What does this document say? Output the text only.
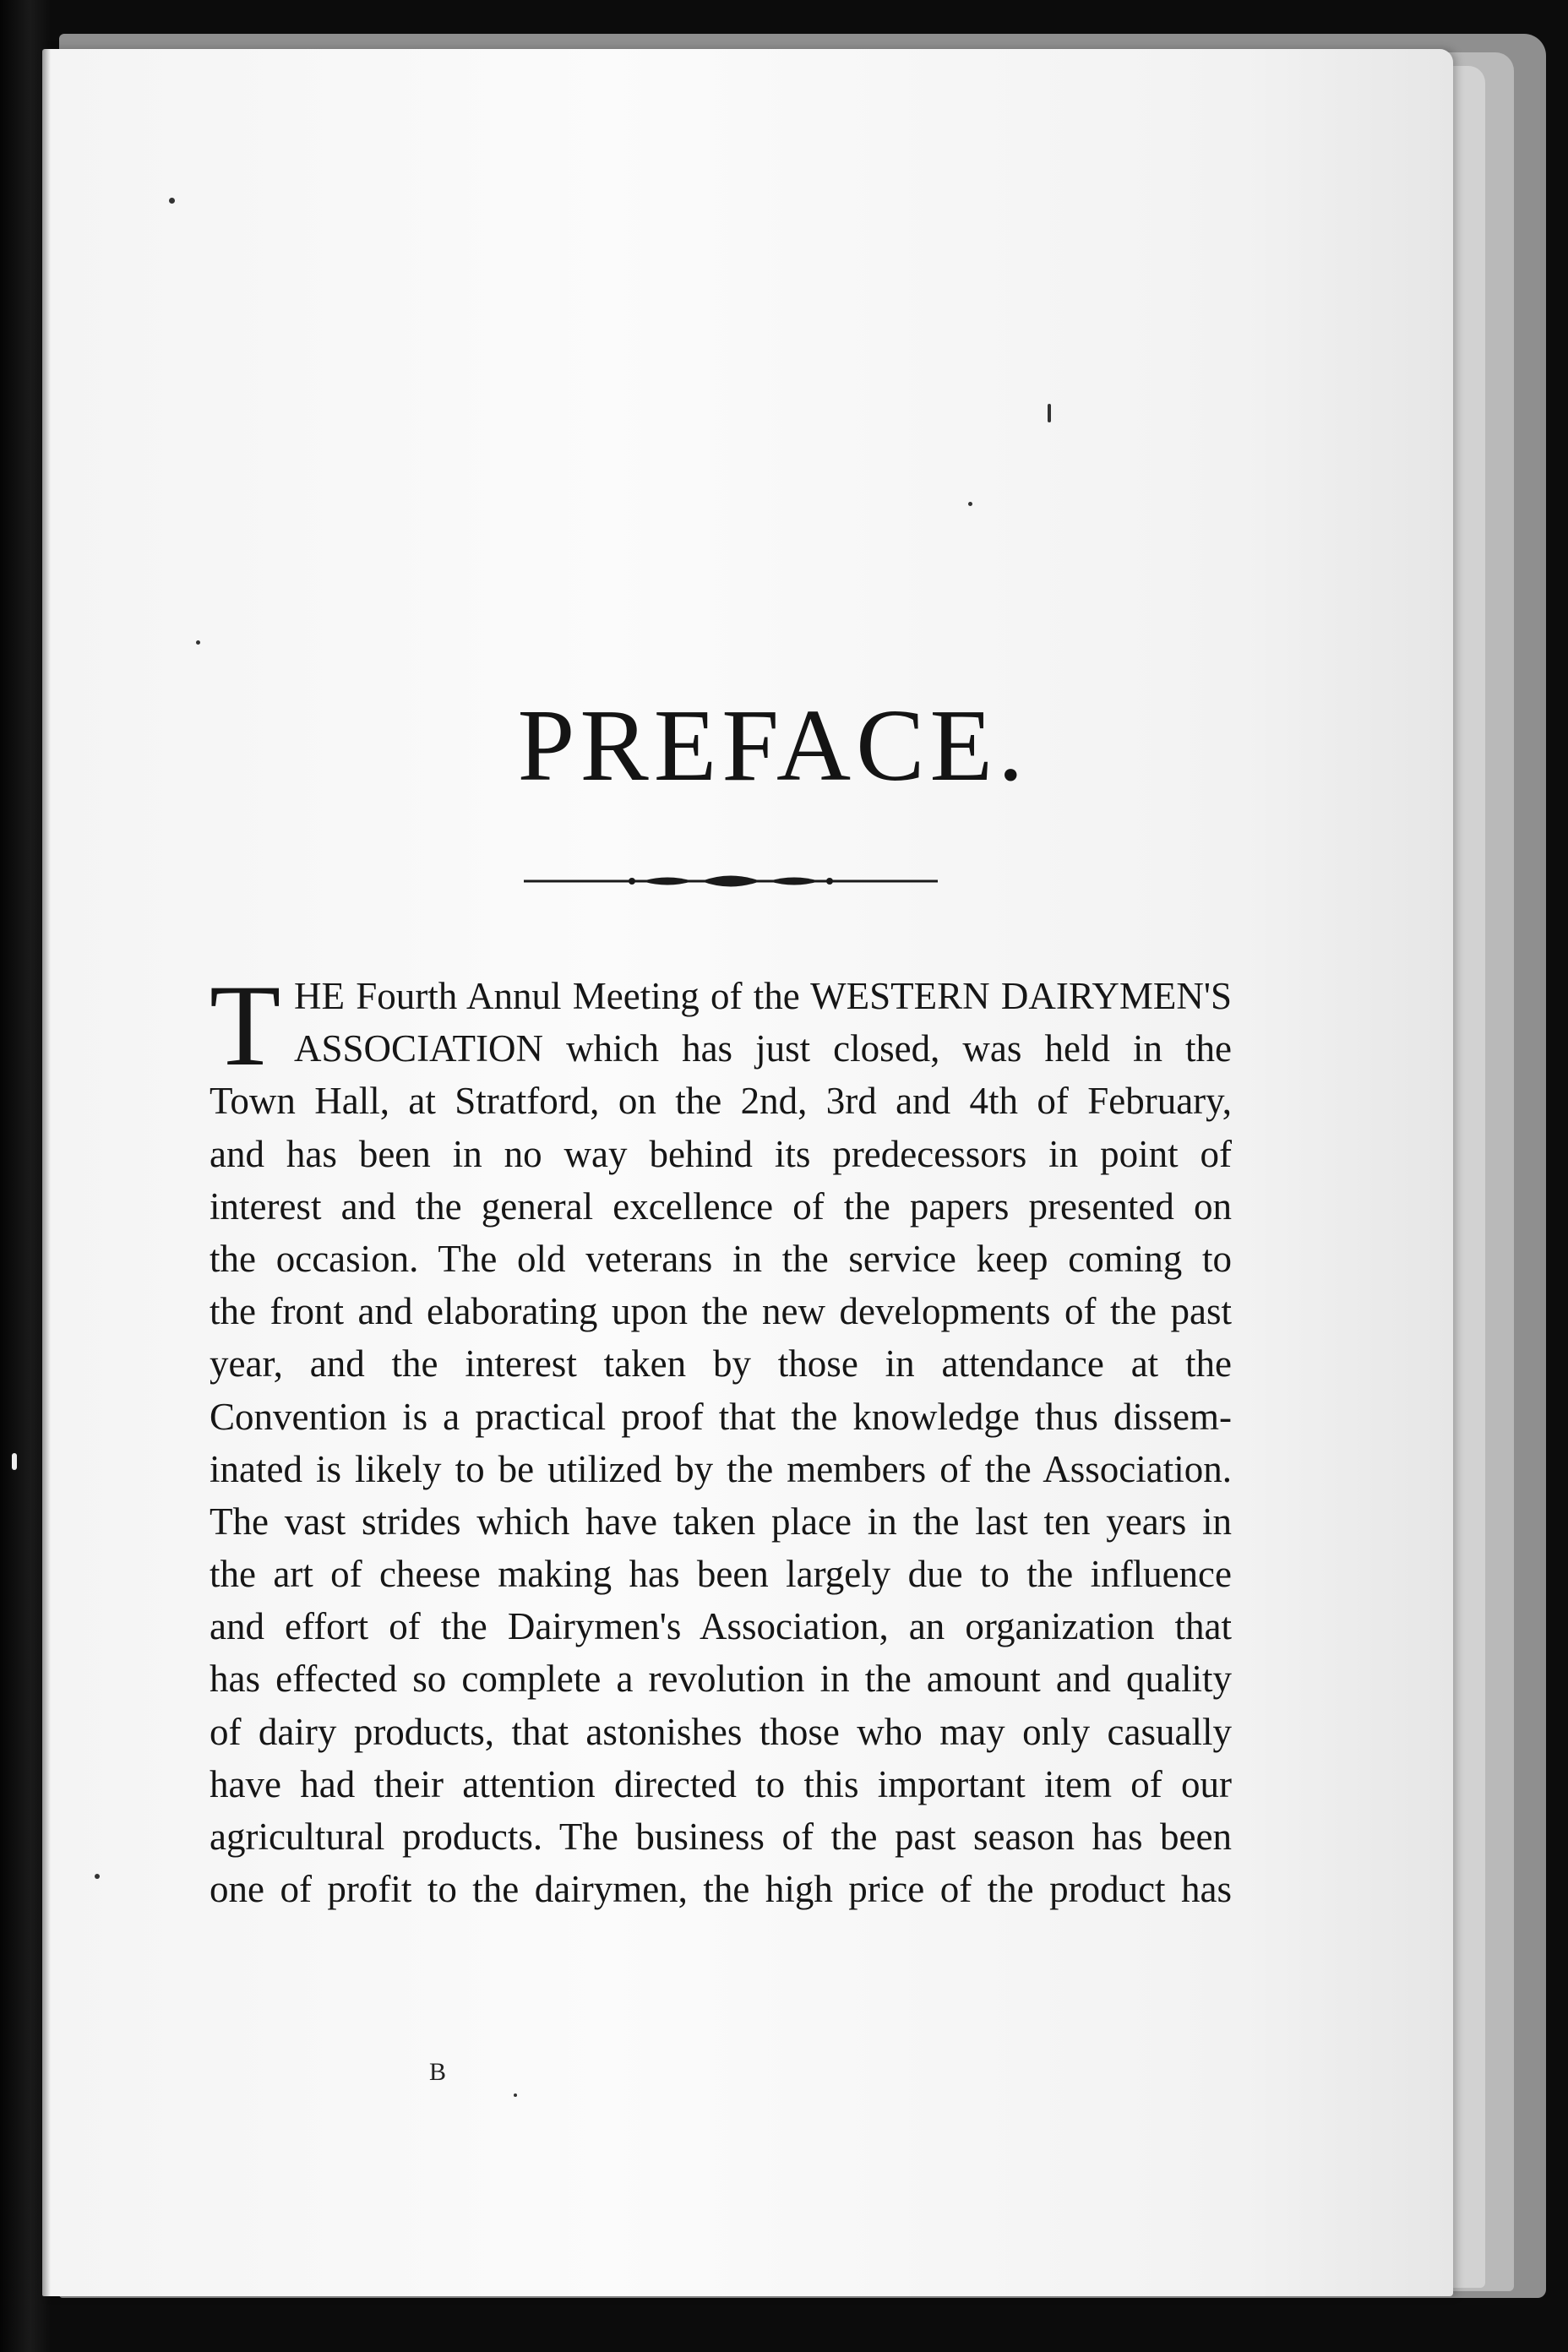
PREFACE.
T HE Fourth Annul Meeting of the WESTERN DAIRYMEN'S
ASSOCIATION which has just closed, was held in the
Town Hall, at Stratford, on the 2nd, 3rd and 4th of February,
and has been in no way behind its predecessors in point of
interest and the general excellence of the papers presented on
the occasion. The old veterans in the service keep coming to
the front and elaborating upon the new developments of the past
year, and the interest taken by those in attendance at the
Convention is a practical proof that the knowledge thus dissem-
inated is likely to be utilized by the members of the Association.
The vast strides which have taken place in the last ten years in
the art of cheese making has been largely due to the influence
and effort of the Dairymen's Association, an organization that
has effected so complete a revolution in the amount and quality
of dairy products, that astonishes those who may only casually
have had their attention directed to this important item of our
agricultural products. The business of the past season has been
one of profit to the dairymen, the high price of the product has
B
